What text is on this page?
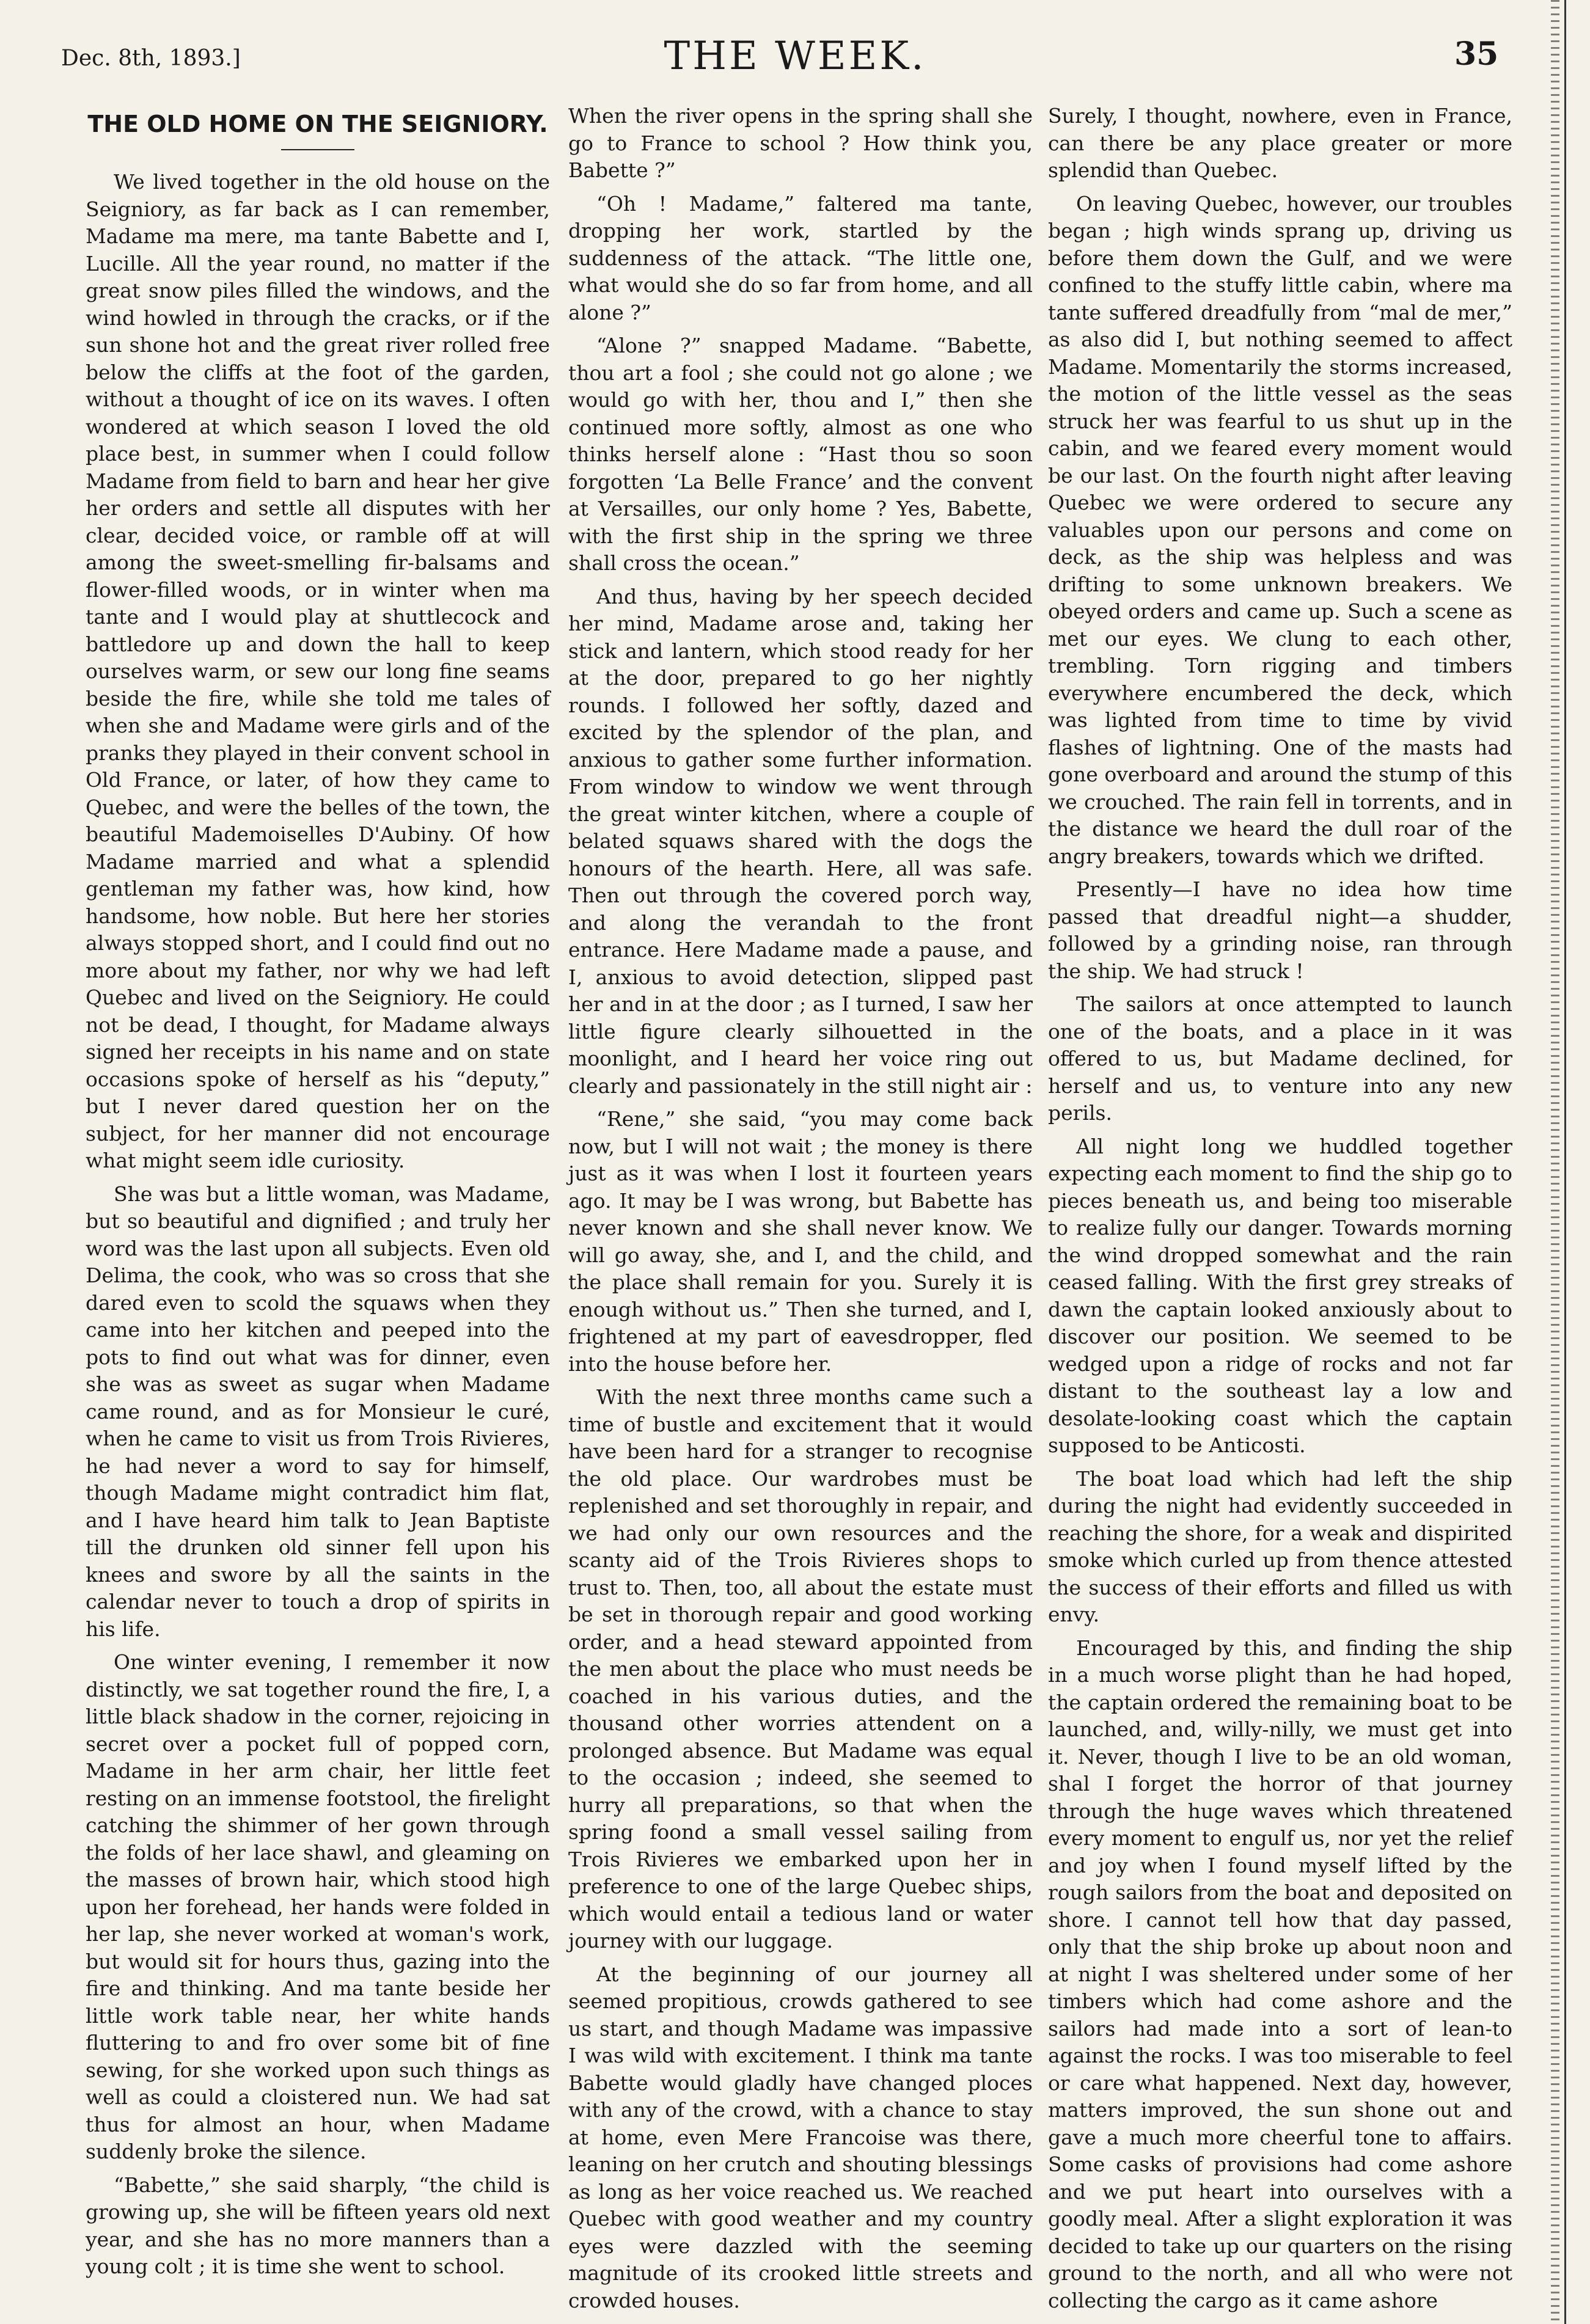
Dec. 8th, 1893.]	THE WEEK.	35
THE OLD HOME ON THE SEIGNIORY.

We lived together in the old house on the Seigniory, as far back as I can remember, Madame ma mere, ma tante Babette and I, Lucille. All the year round, no matter if the great snow piles filled the windows, and the wind howled in through the cracks, or if the sun shone hot and the great river rolled free below the cliffs at the foot of the garden, without a thought of ice on its waves. I often wondered at which season I loved the old place best, in summer when I could follow Madame from field to barn and hear her give her orders and settle all disputes with her clear, decided voice, or ramble off at will among the sweet-smelling fir-balsams and flower-filled woods, or in winter when ma tante and I would play at shuttlecock and battledore up and down the hall to keep ourselves warm, or sew our long fine seams beside the fire, while she told me tales of when she and Madame were girls and of the pranks they played in their convent school in Old France, or later, of how they came to Quebec, and were the belles of the town, the beautiful Mademoiselles D'Aubiny. Of how Madame married and what a splendid gentleman my father was, how kind, how handsome, how noble. But here her stories always stopped short, and I could find out no more about my father, nor why we had left Quebec and lived on the Seigniory. He could not be dead, I thought, for Madame always signed her receipts in his name and on state occasions spoke of herself as his “deputy,” but I never dared question her on the subject, for her manner did not encourage what might seem idle curiosity.

She was but a little woman, was Madame, but so beautiful and dignified ; and truly her word was the last upon all subjects. Even old Delima, the cook, who was so cross that she dared even to scold the squaws when they came into her kitchen and peeped into the pots to find out what was for dinner, even she was as sweet as sugar when Madame came round, and as for Monsieur le curé, when he came to visit us from Trois Rivieres, he had never a word to say for himself, though Madame might contradict him flat, and I have heard him talk to Jean Baptiste till the drunken old sinner fell upon his knees and swore by all the saints in the calendar never to touch a drop of spirits in his life.

One winter evening, I remember it now distinctly, we sat together round the fire, I, a little black shadow in the corner, rejoicing in secret over a pocket full of popped corn, Madame in her arm chair, her little feet resting on an immense footstool, the firelight catching the shimmer of her gown through the folds of her lace shawl, and gleaming on the masses of brown hair, which stood high upon her forehead, her hands were folded in her lap, she never worked at woman's work, but would sit for hours thus, gazing into the fire and thinking. And ma tante beside her little work table near, her white hands fluttering to and fro over some bit of fine sewing, for she worked upon such things as well as could a cloistered nun. We had sat thus for almost an hour, when Madame suddenly broke the silence.

“Babette,” she said sharply, “the child is growing up, she will be fifteen years old next year, and she has no more manners than a young colt ; it is time she went to school.

When the river opens in the spring shall she go to France to school ? How think you, Babette ?”

“Oh ! Madame,” faltered ma tante, dropping her work, startled by the suddenness of the attack. “The little one, what would she do so far from home, and all alone ?”

“Alone ?” snapped Madame. “Babette, thou art a fool ; she could not go alone ; we would go with her, thou and I,” then she continued more softly, almost as one who thinks herself alone : “Hast thou so soon forgotten ‘La Belle France’ and the convent at Versailles, our only home ? Yes, Babette, with the first ship in the spring we three shall cross the ocean.”

And thus, having by her speech decided her mind, Madame arose and, taking her stick and lantern, which stood ready for her at the door, prepared to go her nightly rounds. I followed her softly, dazed and excited by the splendor of the plan, and anxious to gather some further information. From window to window we went through the great winter kitchen, where a couple of belated squaws shared with the dogs the honours of the hearth. Here, all was safe. Then out through the covered porch way, and along the verandah to the front entrance. Here Madame made a pause, and I, anxious to avoid detection, slipped past her and in at the door ; as I turned, I saw her little figure clearly silhouetted in the moonlight, and I heard her voice ring out clearly and passionately in the still night air :

“Rene,” she said, “you may come back now, but I will not wait ; the money is there just as it was when I lost it fourteen years ago. It may be I was wrong, but Babette has never known and she shall never know. We will go away, she, and I, and the child, and the place shall remain for you. Surely it is enough without us.” Then she turned, and I, frightened at my part of eavesdropper, fled into the house before her.

With the next three months came such a time of bustle and excitement that it would have been hard for a stranger to recognise the old place. Our wardrobes must be replenished and set thoroughly in repair, and we had only our own resources and the scanty aid of the Trois Rivieres shops to trust to. Then, too, all about the estate must be set in thorough repair and good working order, and a head steward appointed from the men about the place who must needs be coached in his various duties, and the thousand other worries attendent on a prolonged absence. But Madame was equal to the occasion ; indeed, she seemed to hurry all preparations, so that when the spring foond a small vessel sailing from Trois Rivieres we embarked upon her in preference to one of the large Quebec ships, which would entail a tedious land or water journey with our luggage.

At the beginning of our journey all seemed propitious, crowds gathered to see us start, and though Madame was impassive I was wild with excitement. I think ma tante Babette would gladly have changed ploces with any of the crowd, with a chance to stay at home, even Mere Francoise was there, leaning on her crutch and shouting blessings as long as her voice reached us. We reached Quebec with good weather and my country eyes were dazzled with the seeming magnitude of its crooked little streets and crowded houses.

Surely, I thought, nowhere, even in France, can there be any place greater or more splendid than Quebec.

On leaving Quebec, however, our troubles began ; high winds sprang up, driving us before them down the Gulf, and we were confined to the stuffy little cabin, where ma tante suffered dreadfully from “mal de mer,” as also did I, but nothing seemed to affect Madame. Momentarily the storms increased, the motion of the little vessel as the seas struck her was fearful to us shut up in the cabin, and we feared every moment would be our last. On the fourth night after leaving Quebec we were ordered to secure any valuables upon our persons and come on deck, as the ship was helpless and was drifting to some unknown breakers. We obeyed orders and came up. Such a scene as met our eyes. We clung to each other, trembling. Torn rigging and timbers everywhere encumbered the deck, which was lighted from time to time by vivid flashes of lightning. One of the masts had gone overboard and around the stump of this we crouched. The rain fell in torrents, and in the distance we heard the dull roar of the angry breakers, towards which we drifted.

Presently—I have no idea how time passed that dreadful night—a shudder, followed by a grinding noise, ran through the ship. We had struck !

The sailors at once attempted to launch one of the boats, and a place in it was offered to us, but Madame declined, for herself and us, to venture into any new perils.

All night long we huddled together expecting each moment to find the ship go to pieces beneath us, and being too miserable to realize fully our danger. Towards morning the wind dropped somewhat and the rain ceased falling. With the first grey streaks of dawn the captain looked anxiously about to discover our position. We seemed to be wedged upon a ridge of rocks and not far distant to the southeast lay a low and desolate-looking coast which the captain supposed to be Anticosti.

The boat load which had left the ship during the night had evidently succeeded in reaching the shore, for a weak and dispirited smoke which curled up from thence attested the success of their efforts and filled us with envy.

Encouraged by this, and finding the ship in a much worse plight than he had hoped, the captain ordered the remaining boat to be launched, and, willy-nilly, we must get into it. Never, though I live to be an old woman, shal I forget the horror of that journey through the huge waves which threatened every moment to engulf us, nor yet the relief and joy when I found myself lifted by the rough sailors from the boat and deposited on shore. I cannot tell how that day passed, only that the ship broke up about noon and at night I was sheltered under some of her timbers which had come ashore and the sailors had made into a sort of lean-to against the rocks. I was too miserable to feel or care what happened. Next day, however, matters improved, the sun shone out and gave a much more cheerful tone to affairs. Some casks of provisions had come ashore and we put heart into ourselves with a goodly meal. After a slight exploration it was decided to take up our quarters on the rising ground to the north, and all who were not collecting the cargo as it came ashore
